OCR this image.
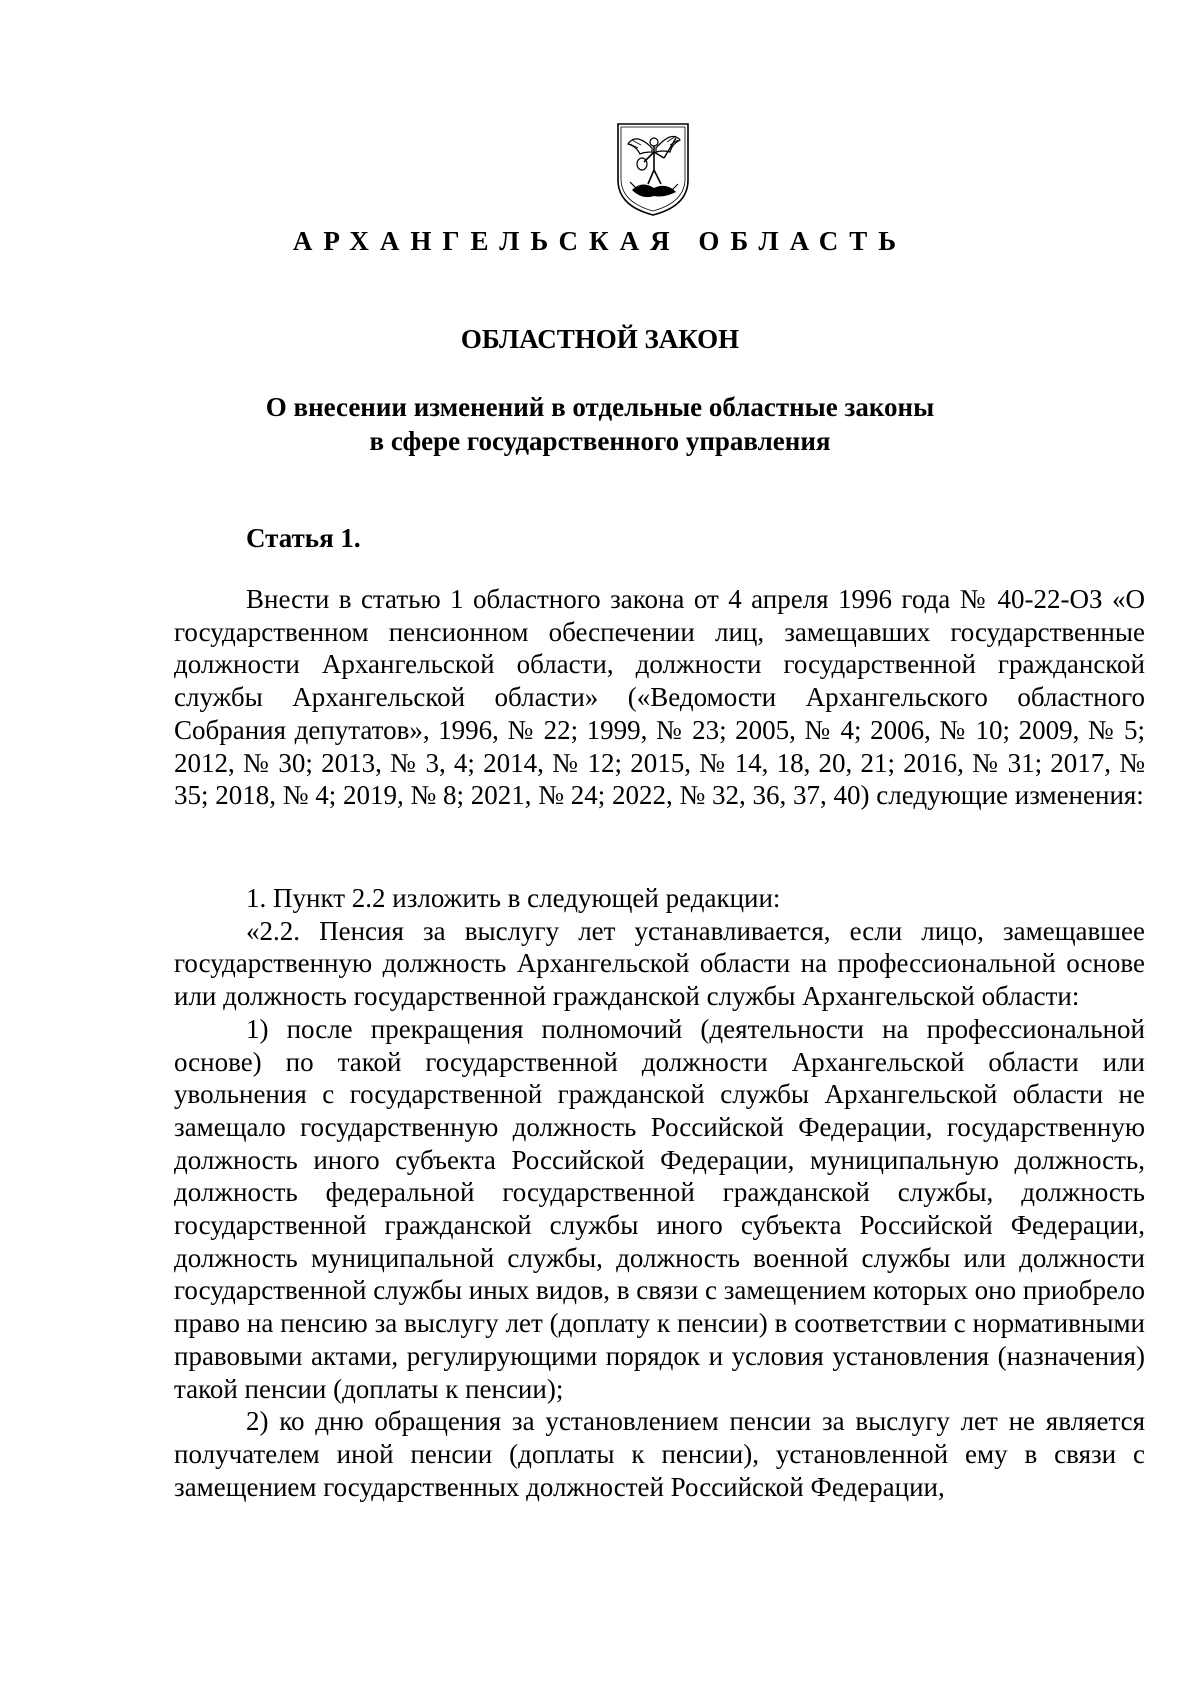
АРХАНГЕЛЬСКАЯ ОБЛАСТЬ
ОБЛАСТНОЙ ЗАКОН
О внесении изменений в отдельные областные законы
в сфере государственного управления
Статья 1.

Внести в статью 1 областного закона от 4 апреля 1996 года № 40-22-ОЗ «О государственном пенсионном обеспечении лиц, замещавших государственные должности Архангельской области, должности государственной гражданской службы Архангельской области» («Ведомости Архангельского областного Собрания депутатов», 1996, № 22; 1999, № 23; 2005, № 4; 2006, № 10; 2009, № 5; 2012, № 30; 2013, № 3, 4; 2014, № 12; 2015, № 14, 18, 20, 21; 2016, № 31; 2017, № 35; 2018, № 4; 2019, № 8; 2021, № 24; 2022, № 32, 36, 37, 40) следующие изменения:

1. Пункт 2.2 изложить в следующей редакции:

«2.2. Пенсия за выслугу лет устанавливается, если лицо, замещавшее государственную должность Архангельской области на профессиональной основе или должность государственной гражданской службы Архангельской области:

1) после прекращения полномочий (деятельности на профессиональной основе) по такой государственной должности Архангельской области или увольнения с государственной гражданской службы Архангельской области не замещало государственную должность Российской Федерации, государственную должность иного субъекта Российской Федерации, муниципальную должность, должность федеральной государственной гражданской службы, должность государственной гражданской службы иного субъекта Российской Федерации, должность муниципальной службы, должность военной службы или должности государственной службы иных видов, в связи с замещением которых оно приобрело право на пенсию за выслугу лет (доплату к пенсии) в соответствии с нормативными правовыми актами, регулирующими порядок и условия установления (назначения) такой пенсии (доплаты к пенсии);

2) ко дню обращения за установлением пенсии за выслугу лет не является получателем иной пенсии (доплаты к пенсии), установленной ему в связи с замещением государственных должностей Российской Федерации,
